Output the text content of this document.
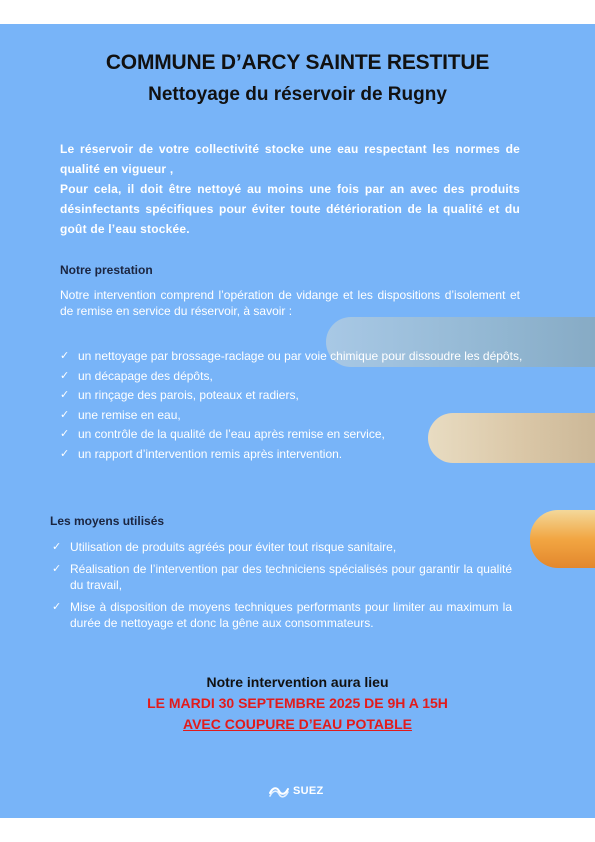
COMMUNE D’ARCY SAINTE RESTITUE
Nettoyage du réservoir de Rugny
Le réservoir de votre collectivité stocke une eau respectant les normes de qualité en vigueur ,
Pour cela, il doit être nettoyé au moins une fois par an avec des produits désinfectants spécifiques pour éviter toute détérioration de la qualité et du goût de l’eau stockée.
Notre prestation
Notre intervention comprend l’opération de vidange et les dispositions d’isolement et de remise en service du réservoir, à savoir :
✓ un nettoyage par brossage-raclage ou par voie chimique pour dissoudre les dépôts,
✓ un décapage des dépôts,
✓ un rinçage des parois, poteaux et radiers,
✓ une remise en eau,
✓ un contrôle de la qualité de l’eau après remise en service,
✓ un rapport d’intervention remis après intervention.
Les moyens utilisés
✓ Utilisation de produits agréés pour éviter tout risque sanitaire,
✓ Réalisation de l’intervention par des techniciens spécialisés pour garantir la qualité du travail,
✓ Mise à disposition de moyens techniques performants pour limiter au maximum la durée de nettoyage et donc la gêne aux consommateurs.
Notre intervention aura lieu
LE MARDI 30 SEPTEMBRE 2025 DE 9H A 15H
AVEC COUPURE D’EAU POTABLE
SUEZ
